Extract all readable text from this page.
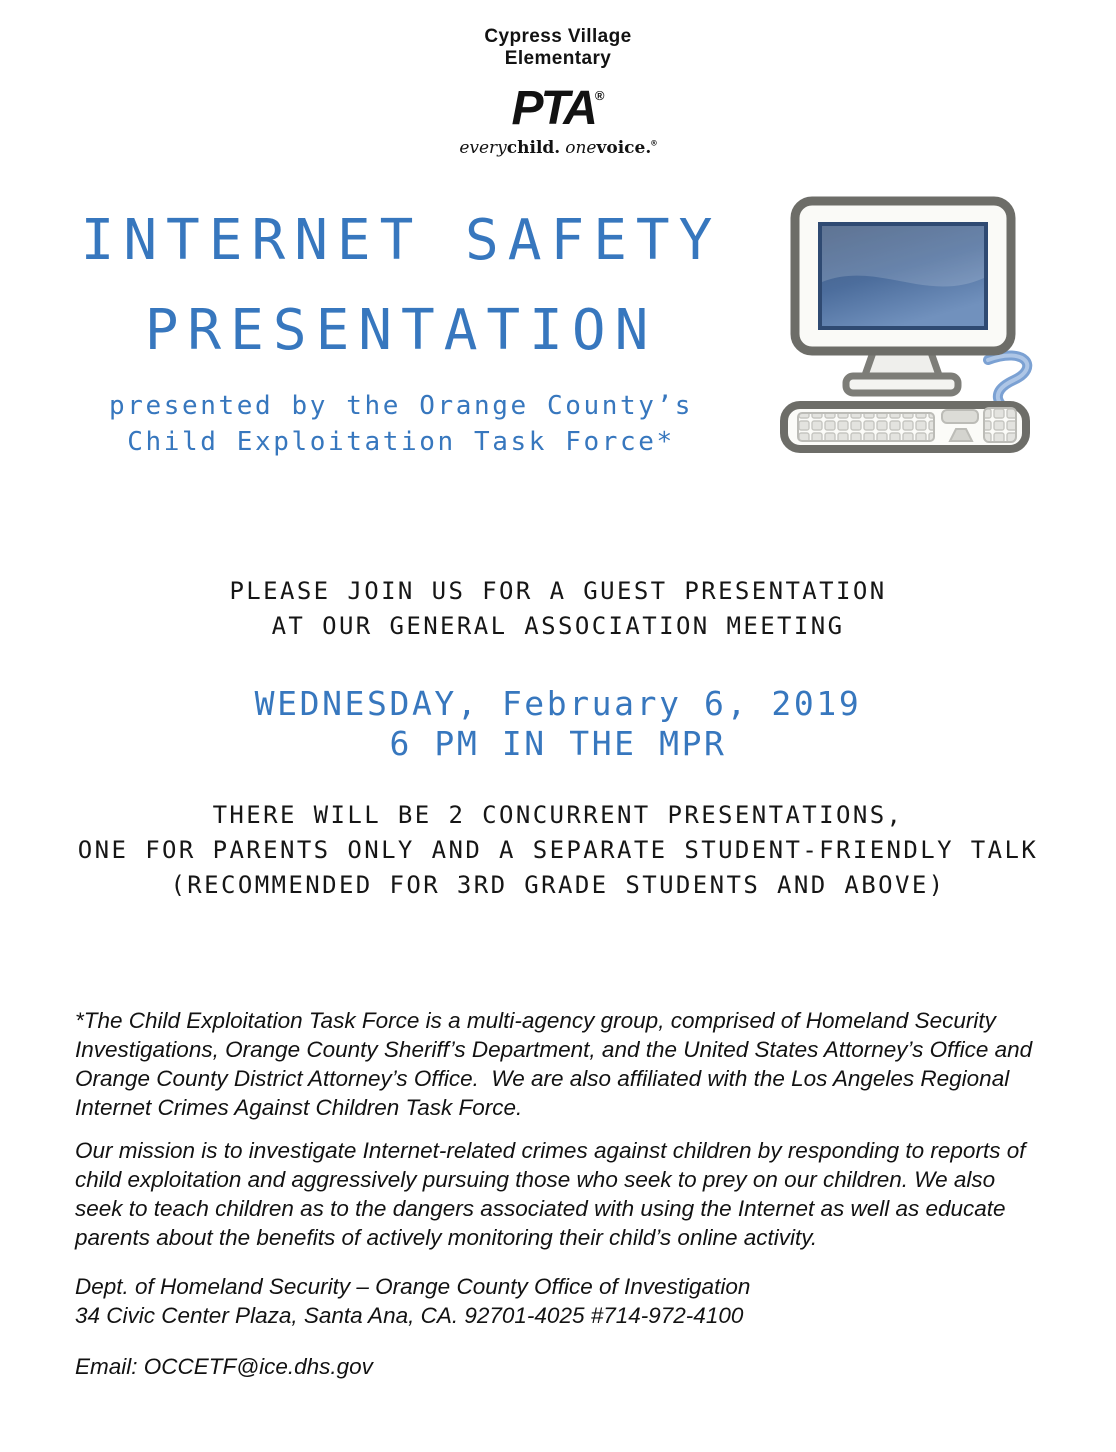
Cypress Village
Elementary
PTA®
everychild. onevoice.®
INTERNET SAFETY
PRESENTATION
presented by the Orange County’s
Child Exploitation Task Force*
PLEASE JOIN US FOR A GUEST PRESENTATION
AT OUR GENERAL ASSOCIATION MEETING
WEDNESDAY, February 6, 2019
6 PM IN THE MPR
THERE WILL BE 2 CONCURRENT PRESENTATIONS,
ONE FOR PARENTS ONLY AND A SEPARATE STUDENT-FRIENDLY TALK
(RECOMMENDED FOR 3RD GRADE STUDENTS AND ABOVE)
*The Child Exploitation Task Force is a multi-agency group, comprised of Homeland Security Investigations, Orange County Sheriff’s Department, and the United States Attorney’s Office and Orange County District Attorney’s Office.  We are also affiliated with the Los Angeles Regional Internet Crimes Against Children Task Force.
Our mission is to investigate Internet-related crimes against children by responding to reports of child exploitation and aggressively pursuing those who seek to prey on our children. We also seek to teach children as to the dangers associated with using the Internet as well as educate parents about the benefits of actively monitoring their child’s online activity.
Dept. of Homeland Security – Orange County Office of Investigation
34 Civic Center Plaza, Santa Ana, CA. 92701-4025 #714-972-4100
Email: OCCETF@ice.dhs.gov
